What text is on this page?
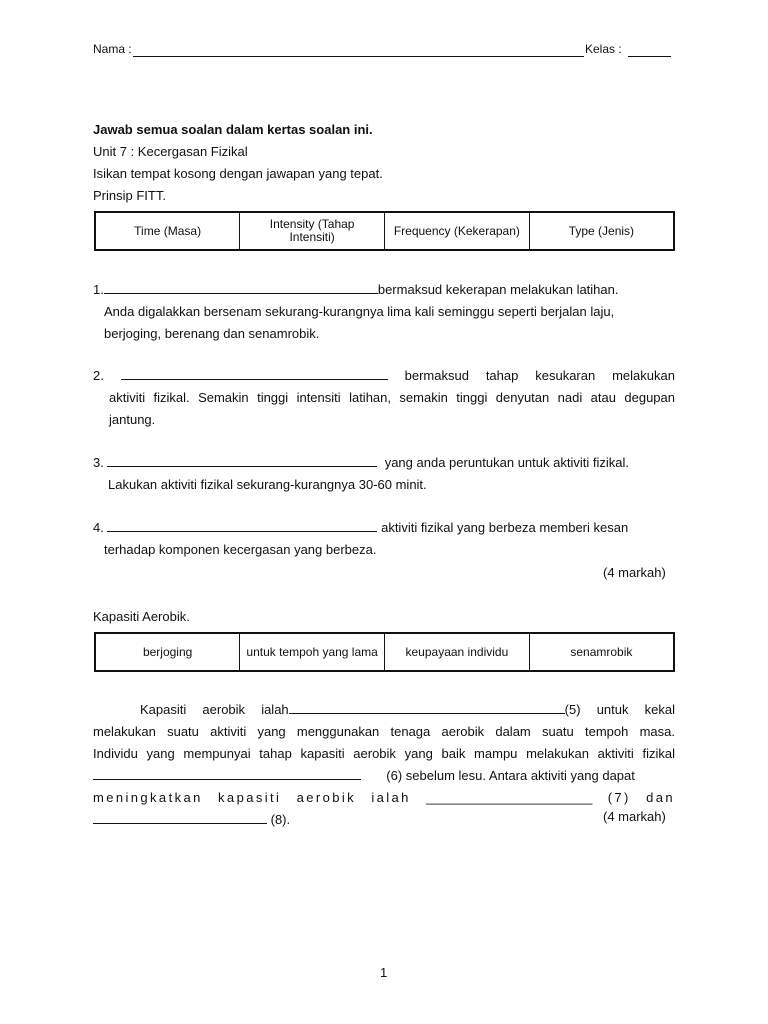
Nama :	Kelas :
Jawab semua soalan dalam kertas soalan ini.
Unit 7 : Kecergasan Fizikal
Isikan tempat kosong dengan jawapan yang tepat.
Prinsip FITT.
Time (Masa)	Intensity (Tahap Intensiti)	Frequency (Kekerapan)	Type (Jenis)
1.	bermaksud kekerapan melakukan latihan.
Anda digalakkan bersenam sekurang-kurangnya lima kali seminggu seperti berjalan laju,
berjoging, berenang dan senamrobik.
2.	bermaksud tahap kesukaran melakukan
aktiviti fizikal. Semakin tinggi intensiti latihan, semakin tinggi denyutan nadi atau degupan
jantung.
3.	yang anda peruntukan untuk aktiviti fizikal.
Lakukan aktiviti fizikal sekurang-kurangnya 30-60 minit.
4.	aktiviti fizikal yang berbeza memberi kesan
terhadap komponen kecergasan yang berbeza.
(4 markah)
Kapasiti Aerobik.
berjoging	untuk tempoh yang lama	keupayaan individu	senamrobik
Kapasiti aerobik ialah	(5) untuk kekal
melakukan suatu aktiviti yang menggunakan tenaga aerobik dalam suatu tempoh masa.
Individu yang mempunyai tahap kapasiti aerobik yang baik mampu melakukan aktiviti fizikal
(6) sebelum lesu. Antara aktiviti yang dapat
meningkatkan kapasiti aerobik ialah _______________________ (7) dan
(8).	(4 markah)
1
